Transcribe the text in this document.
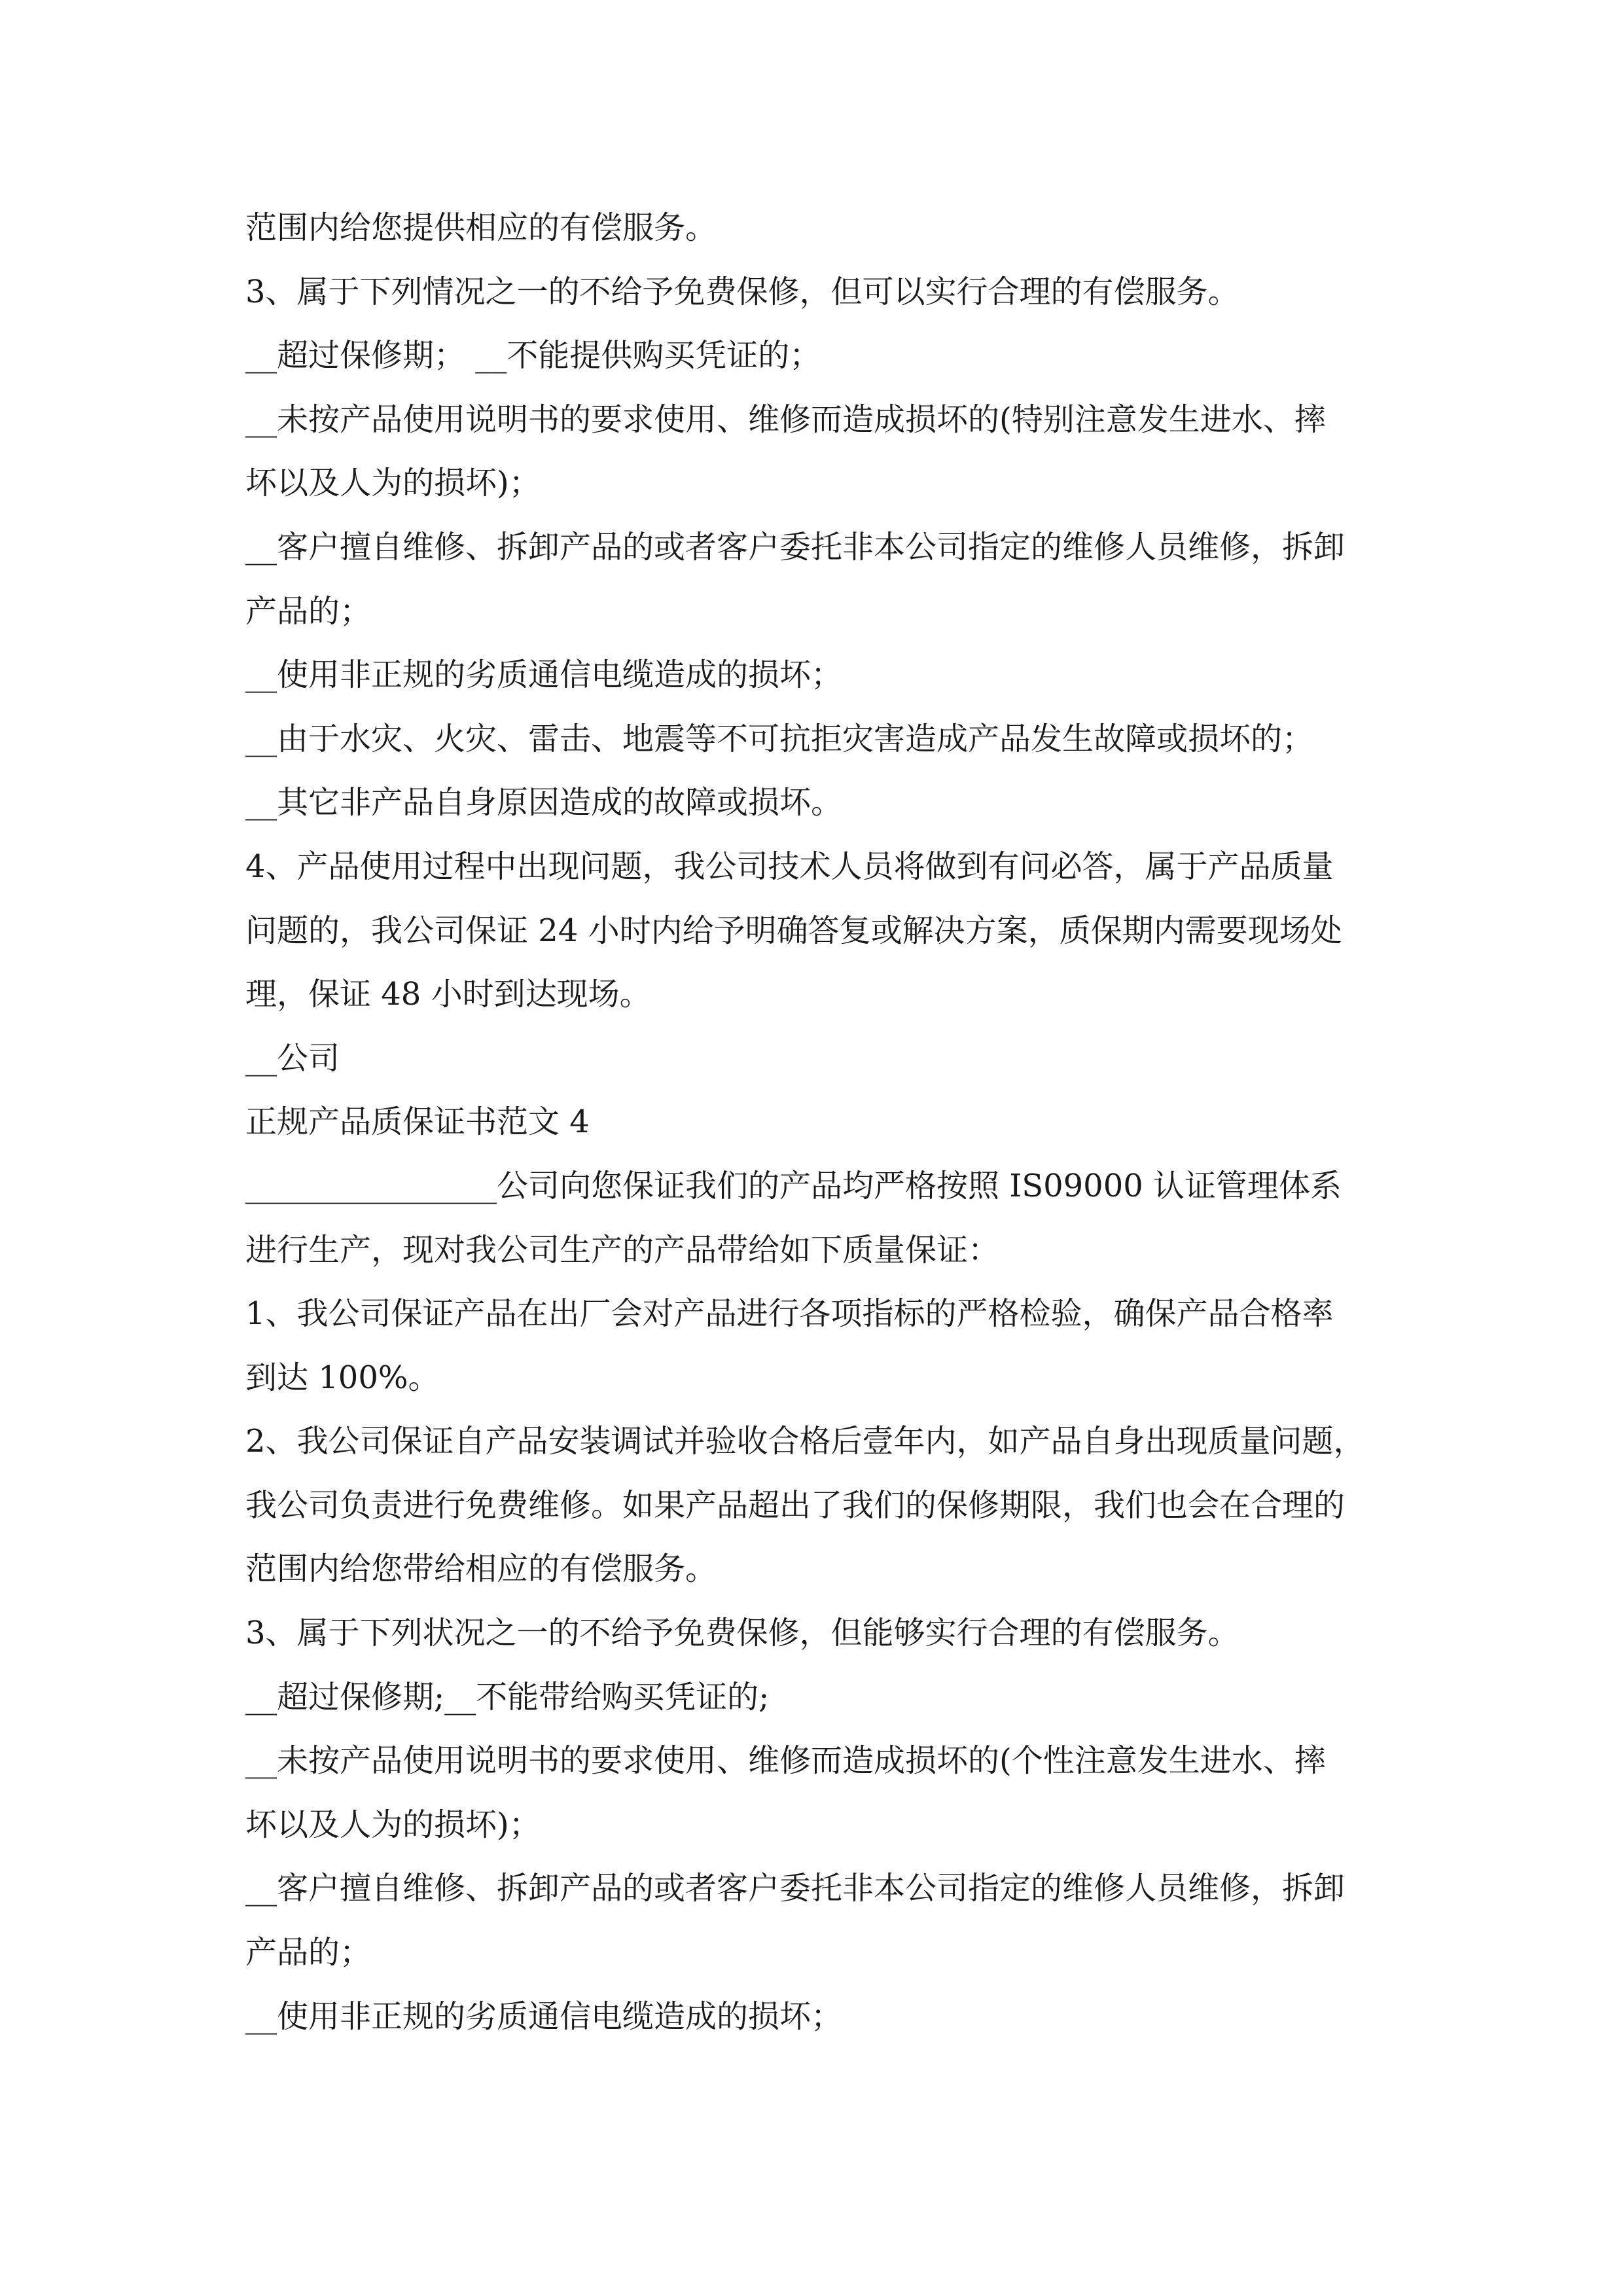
范围内给您提供相应的有偿服务。
3、属于下列情况之一的不给予免费保修，但可以实行合理的有偿服务。
__超过保修期； __不能提供购买凭证的；
__未按产品使用说明书的要求使用、维修而造成损坏的(特别注意发生进水、摔
坏以及人为的损坏)；
__客户擅自维修、拆卸产品的或者客户委托非本公司指定的维修人员维修，拆卸
产品的；
__使用非正规的劣质通信电缆造成的损坏；
__由于水灾、火灾、雷击、地震等不可抗拒灾害造成产品发生故障或损坏的；
__其它非产品自身原因造成的故障或损坏。
4、产品使用过程中出现问题，我公司技术人员将做到有问必答，属于产品质量
问题的，我公司保证 24 小时内给予明确答复或解决方案，质保期内需要现场处
理，保证 48 小时到达现场。
__公司
正规产品质保证书范文 4
________________公司向您保证我们的产品均严格按照 IS09000 认证管理体系
进行生产，现对我公司生产的产品带给如下质量保证：
1、我公司保证产品在出厂会对产品进行各项指标的严格检验，确保产品合格率
到达 100%。
2、我公司保证自产品安装调试并验收合格后壹年内，如产品自身出现质量问题，
我公司负责进行免费维修。如果产品超出了我们的保修期限，我们也会在合理的
范围内给您带给相应的有偿服务。
3、属于下列状况之一的不给予免费保修，但能够实行合理的有偿服务。
__超过保修期;__不能带给购买凭证的;
__未按产品使用说明书的要求使用、维修而造成损坏的(个性注意发生进水、摔
坏以及人为的损坏)；
__客户擅自维修、拆卸产品的或者客户委托非本公司指定的维修人员维修，拆卸
产品的；
__使用非正规的劣质通信电缆造成的损坏；
